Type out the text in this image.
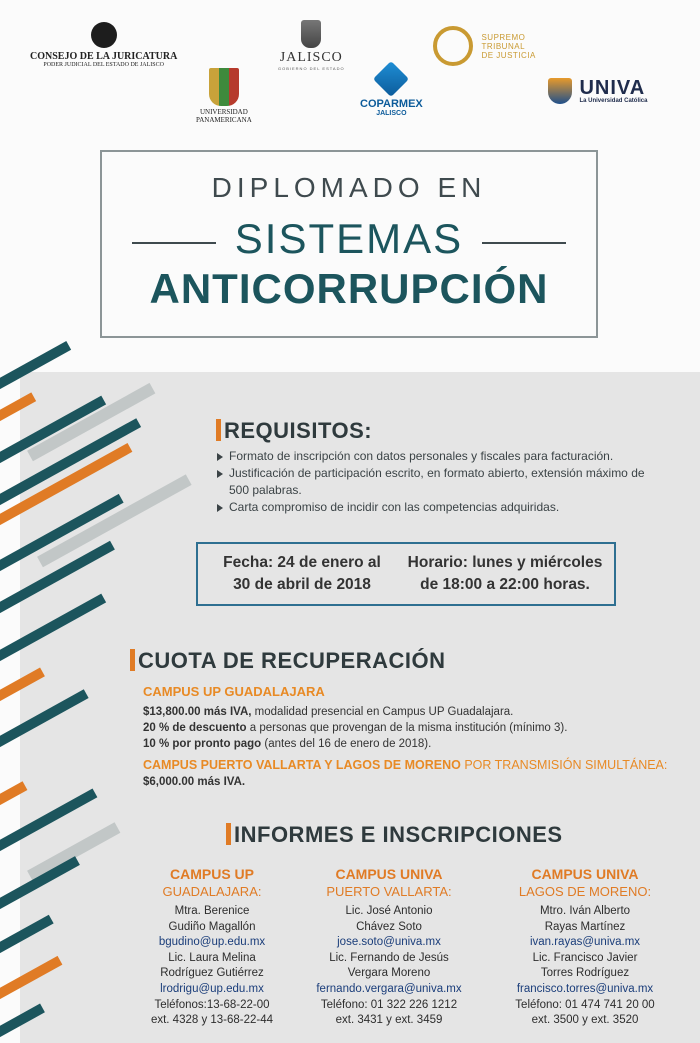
CONSEJO DE LA JURICATURA
PODER JUDICIAL DEL ESTADO DE JALISCO
UNIVERSIDAD
PANAMERICANA
JALISCO
GOBIERNO DEL ESTADO
COPARMEX
JALISCO
SUPREMO
TRIBUNAL
DE JUSTICIA

UNIVA
La Universidad Católica
DIPLOMADO EN
SISTEMAS
ANTICORRUPCIÓN
REQUISITOS:
Formato de inscripción con datos personales y fiscales para facturación.
Justificación de participación escrito, en formato abierto, extensión máximo de 500 palabras.
Carta compromiso de incidir con las competencias adquiridas.
Fecha: 24 de enero al
30 de abril de 2018
Horario: lunes y miércoles
de 18:00 a 22:00 horas.
CUOTA DE RECUPERACIÓN
CAMPUS UP GUADALAJARA
$13,800.00 más IVA, modalidad presencial en Campus UP Guadalajara.
20 % de descuento a personas que provengan de la misma institución (mínimo 3).
10 % por pronto pago (antes del 16 de enero de 2018).
CAMPUS PUERTO VALLARTA Y LAGOS DE MORENO POR TRANSMISIÓN SIMULTÁNEA:
$6,000.00 más IVA.
INFORMES E INSCRIPCIONES
CAMPUS UP
GUADALAJARA:
Mtra. Berenice
Gudiño Magallón
bgudino@up.edu.mx
Lic. Laura Melina
Rodríguez Gutiérrez
lrodrigu@up.edu.mx
Teléfonos:13-68-22-00
ext. 4328 y 13-68-22-44
CAMPUS UNIVA
PUERTO VALLARTA:
Lic. José Antonio
Chávez Soto
jose.soto@univa.mx
Lic. Fernando de Jesús
Vergara Moreno
fernando.vergara@univa.mx
Teléfono: 01 322 226 1212
ext. 3431 y ext. 3459
CAMPUS UNIVA
LAGOS DE MORENO:
Mtro. Iván Alberto
Rayas Martínez
ivan.rayas@univa.mx
Lic. Francisco Javier
Torres Rodríguez
francisco.torres@univa.mx
Teléfono: 01 474 741 20 00
ext. 3500 y ext. 3520
